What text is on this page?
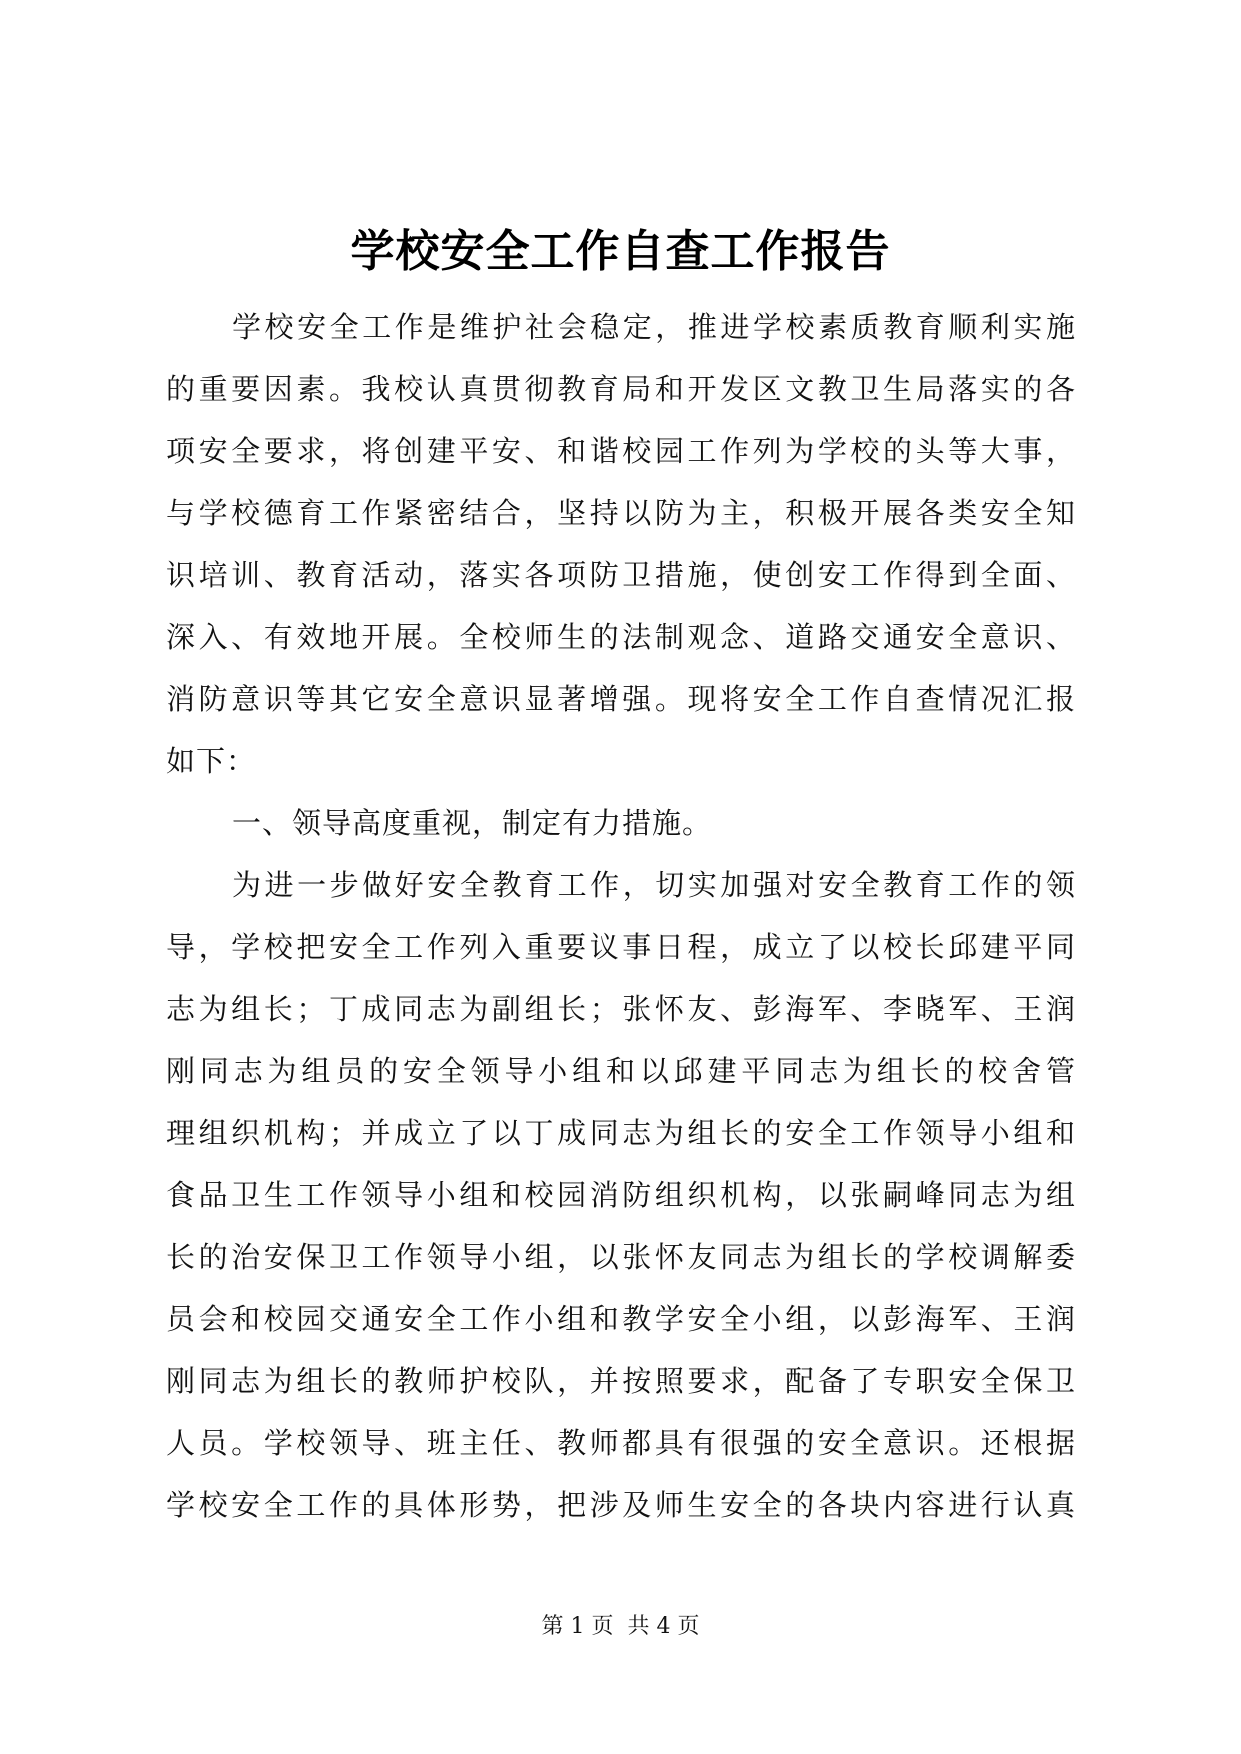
学校安全工作自查工作报告
学校安全工作是维护社会稳定，推进学校素质教育顺利实施
的重要因素。我校认真贯彻教育局和开发区文教卫生局落实的各
项安全要求，将创建平安、和谐校园工作列为学校的头等大事，
与学校德育工作紧密结合，坚持以防为主，积极开展各类安全知
识培训、教育活动，落实各项防卫措施，使创安工作得到全面、
深入、有效地开展。全校师生的法制观念、道路交通安全意识、
消防意识等其它安全意识显著增强。现将安全工作自查情况汇报
如下：
一、领导高度重视，制定有力措施。
为进一步做好安全教育工作，切实加强对安全教育工作的领
导，学校把安全工作列入重要议事日程，成立了以校长邱建平同
志为组长；丁成同志为副组长；张怀友、彭海军、李晓军、王润
刚同志为组员的安全领导小组和以邱建平同志为组长的校舍管
理组织机构；并成立了以丁成同志为组长的安全工作领导小组和
食品卫生工作领导小组和校园消防组织机构，以张嗣峰同志为组
长的治安保卫工作领导小组，以张怀友同志为组长的学校调解委
员会和校园交通安全工作小组和教学安全小组，以彭海军、王润
刚同志为组长的教师护校队，并按照要求，配备了专职安全保卫
人员。学校领导、班主任、教师都具有很强的安全意识。还根据
学校安全工作的具体形势，把涉及师生安全的各块内容进行认真
第 1 页 共 4 页
